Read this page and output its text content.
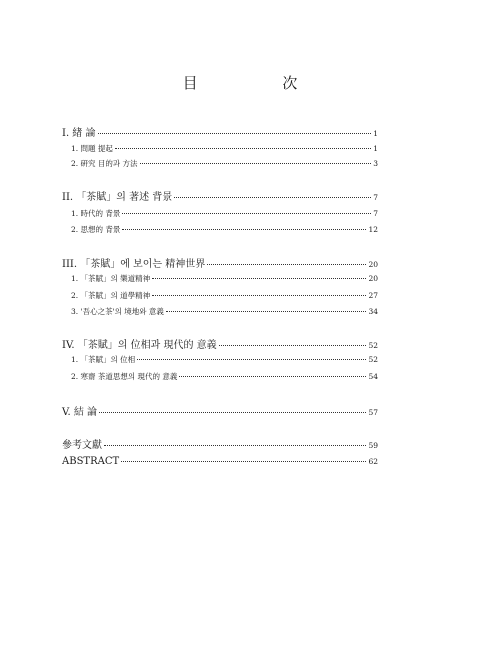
目 次
I. 緖 論	1
1. 問題 提起	1
2. 硏究 目的과 方法	3
II. 「茶賦」의 著述 背景	7
1. 時代的 背景	7
2. 思想的 背景	12
III. 「茶賦」에 보이는 精神世界	20
1. 「茶賦」의 樂道精神	20
2. 「茶賦」의 道學精神	27
3. '吾心之茶'의 境地와 意義	34
IV. 「茶賦」의 位相과 現代的 意義	52
1. 「茶賦」의 位相	52
2. 寒齋 茶道思想의 現代的 意義	54
V. 結 論	57
參考文獻	59
ABSTRACT	62
